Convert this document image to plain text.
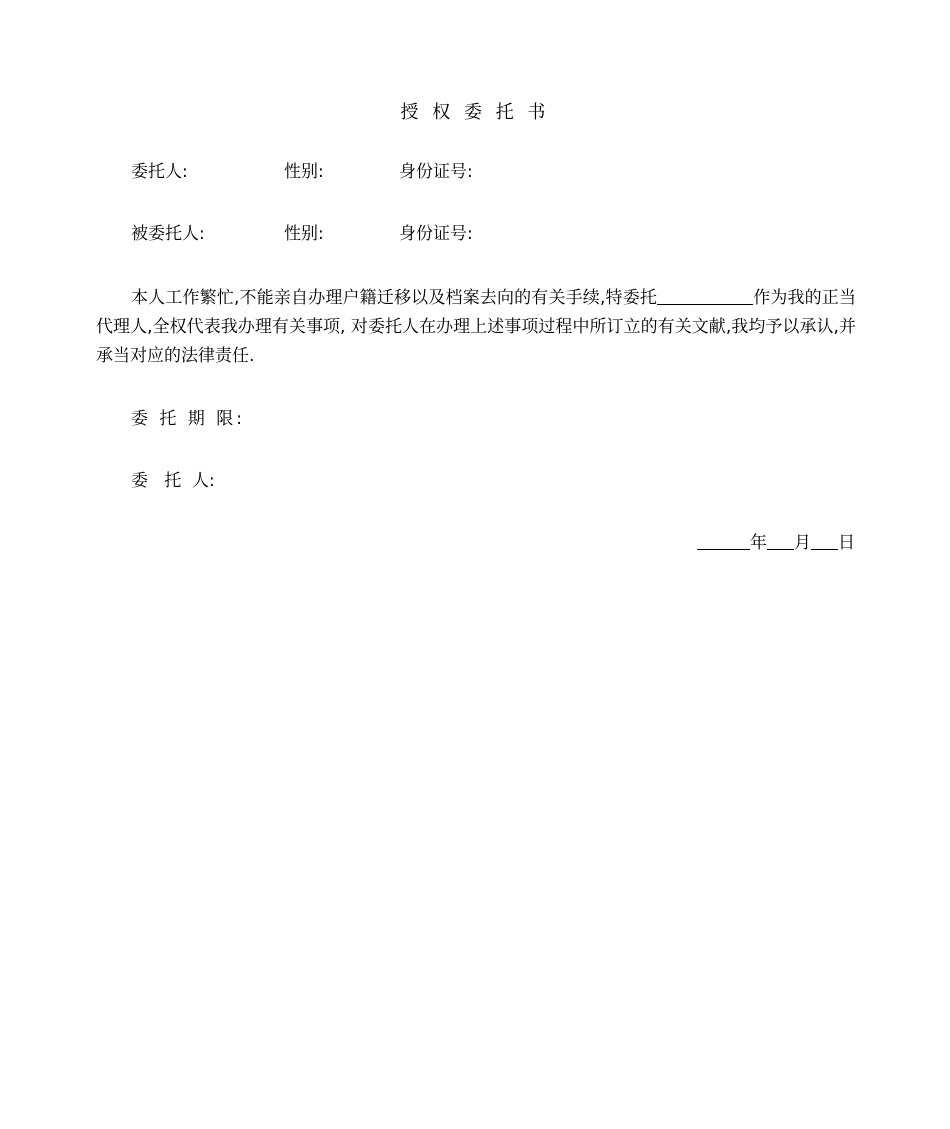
授 权 委 托 书
委托人:	性别:	身份证号:
被委托人:	性别:	身份证号:
本人工作繁忙,不能亲自办理户籍迁移以及档案去向的有关手续,特委托	作为我的正当代理人,全权代表我办理有关事项, 对委托人在办理上述事项过程中所订立的有关文献,我均予以承认,并承当对应的法律责任.
委 托 期 限:
委   托  人:
年 月 日
